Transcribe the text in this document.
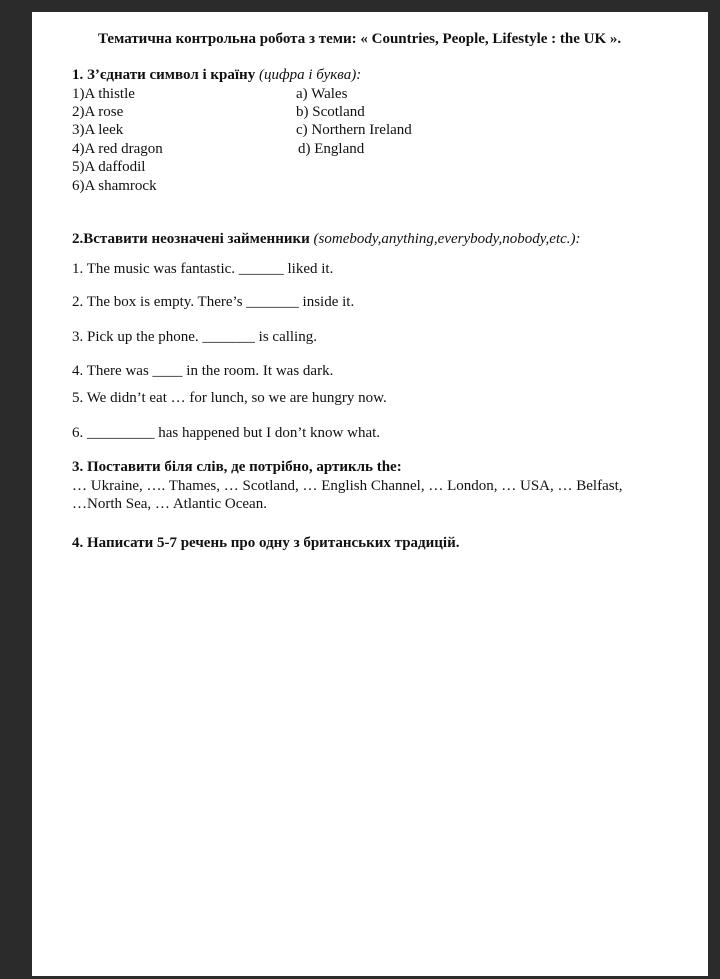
Тематична контрольна робота з теми: « Countries, People, Lifestyle : the UK ».
1. З’єднати символ і країну (цифра і буква):
1)A thistle
2)A rose
3)A leek
4)A red dragon
5)A daffodil
6)A shamrock
a) Wales
b) Scotland
c) Northern Ireland
d) England
2.Вставити неозначені займенники (somebody,anything,everybody,nobody,etc.):
1. The music was fantastic. ______ liked it.
2. The box is empty. There’s _______ inside it.
3. Pick up the phone. _______ is calling.
4. There was ____ in the room. It was dark.
5. We didn’t eat … for lunch, so we are hungry now.
6. _________ has happened but I don’t know what.
3. Поставити біля слів, де потрібно, артикль the:
… Ukraine, …. Thames, … Scotland, … English Channel, … London, … USA, … Belfast,
…North Sea, … Atlantic Ocean.
4. Написати 5-7 речень про одну з британських традицій.
